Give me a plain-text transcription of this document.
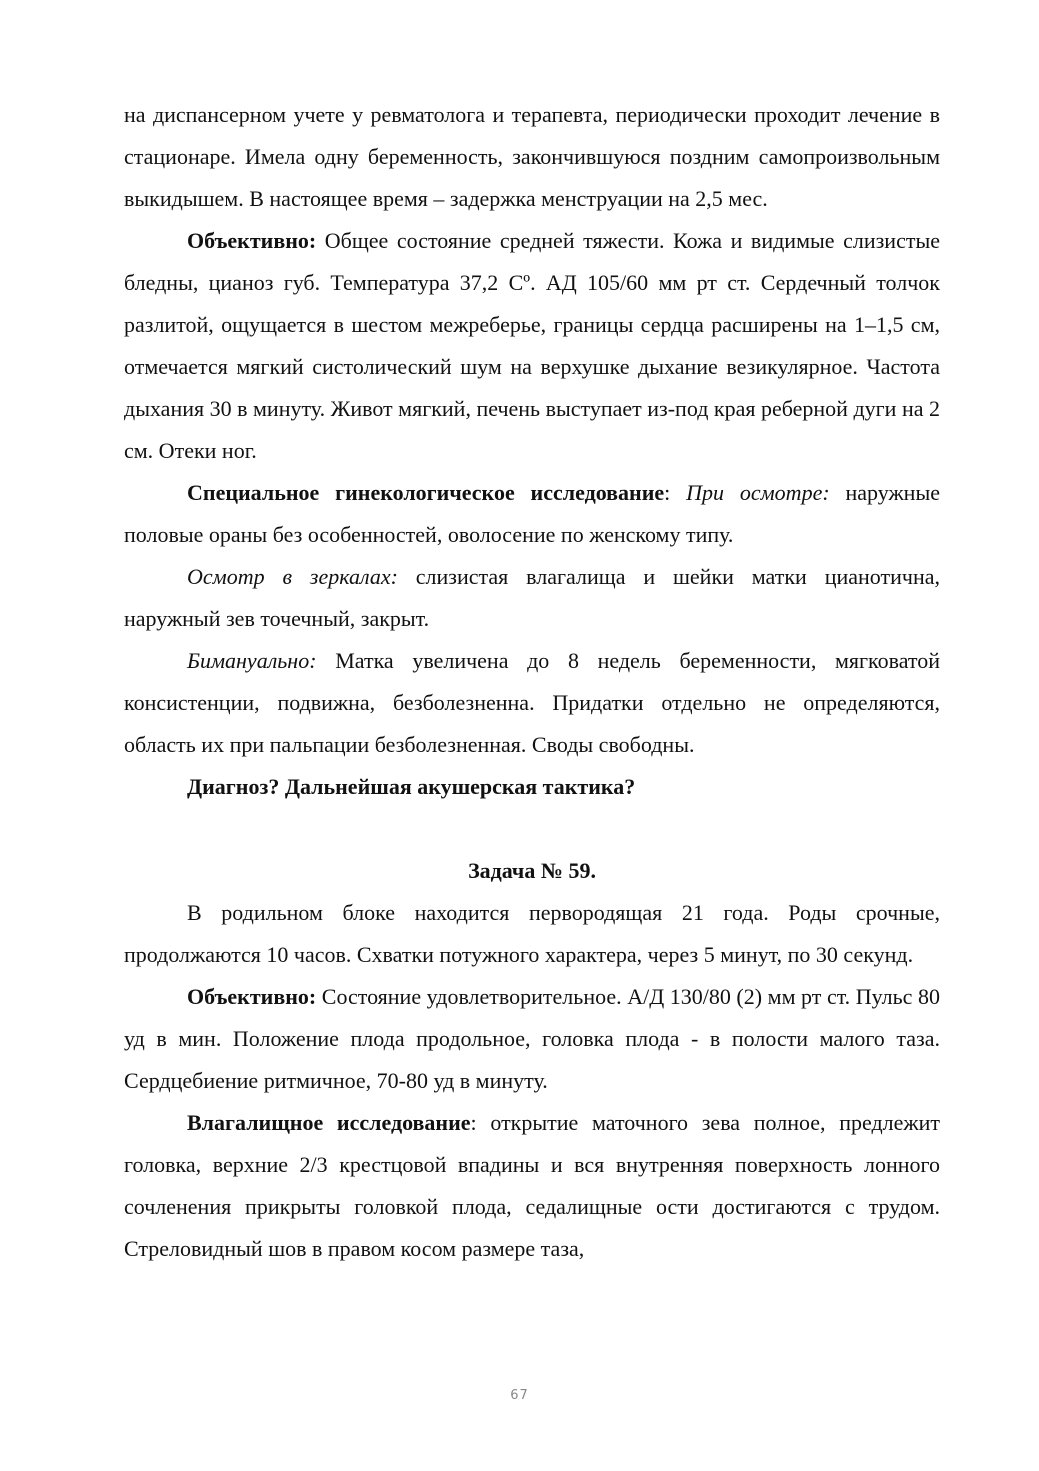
на диспансерном учете у ревматолога и терапевта, периодически проходит лечение в стационаре. Имела одну беременность, закончившуюся поздним самопроизвольным выкидышем. В настоящее время – задержка менструации на 2,5 мес.

Объективно: Общее состояние средней тяжести. Кожа и видимые слизистые бледны, цианоз губ. Температура 37,2 Сº. АД 105/60 мм рт ст. Сердечный толчок разлитой, ощущается в шестом межреберье, границы сердца расширены на 1–1,5 см, отмечается мягкий систолический шум на верхушке дыхание везикулярное. Частота дыхания 30 в минуту. Живот мягкий, печень выступает из-под края реберной дуги на 2 см. Отеки ног.

Специальное гинекологическое исследование: При осмотре: наружные половые ораны без особенностей, оволосение по женскому типу.

Осмотр в зеркалах: слизистая влагалища и шейки матки цианотична, наружный зев точечный, закрыт.

Бимануально: Матка увеличена до 8 недель беременности, мягковатой консистенции, подвижна, безболезненна. Придатки отдельно не определяются, область их при пальпации безболезненная. Своды свободны.

Диагноз? Дальнейшая акушерская тактика?

Задача № 59.

В родильном блоке находится первородящая 21 года. Роды срочные, продолжаются 10 часов. Схватки потужного характера, через 5 минут, по 30 секунд.

Объективно: Состояние удовлетворительное. А/Д 130/80 (2) мм рт ст. Пульс 80 уд в мин. Положение плода продольное, головка плода - в полости малого таза. Сердцебиение ритмичное, 70-80 уд в минуту.

Влагалищное исследование: открытие маточного зева полное, предлежит головка, верхние 2/3 крестцовой впадины и вся внутренняя поверхность лонного сочленения прикрыты головкой плода, седалищные ости достигаются с трудом. Стреловидный шов в правом косом размере таза,

67
